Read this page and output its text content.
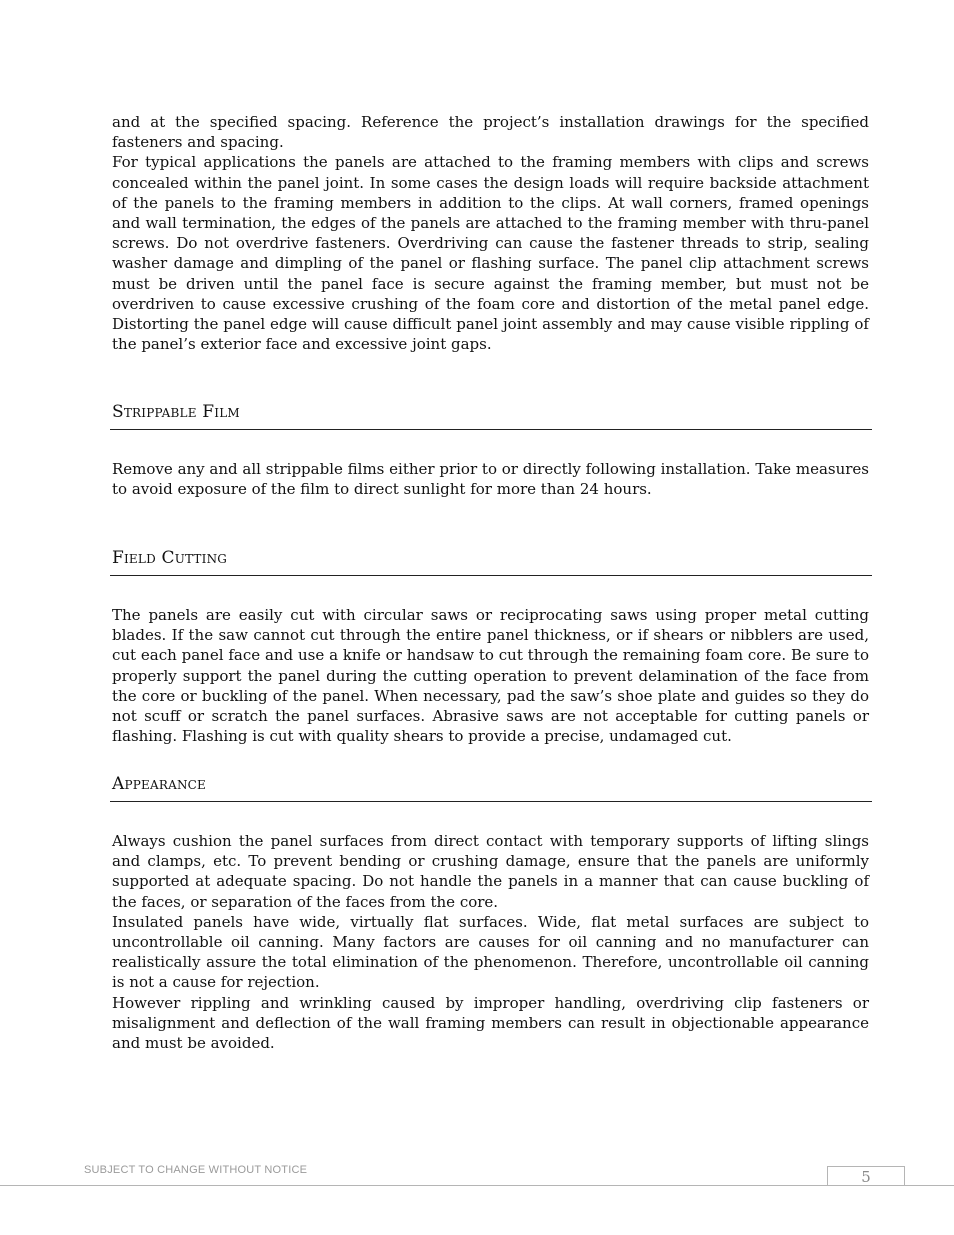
and at the specified spacing. Reference the project’s installation drawings for the specified fasteners and spacing.

For typical applications the panels are attached to the framing members with clips and screws concealed within the panel joint. In some cases the design loads will require backside attachment of the panels to the framing members in addition to the clips. At wall corners, framed openings and wall termination, the edges of the panels are attached to the framing member with thru-panel screws. Do not overdrive fasteners. Overdriving can cause the fastener threads to strip, sealing washer damage and dimpling of the panel or flashing surface. The panel clip attachment screws must be driven until the panel face is secure against the framing member, but must not be overdriven to cause excessive crushing of the foam core and distortion of the metal panel edge. Distorting the panel edge will cause difficult panel joint assembly and may cause visible rippling of the panel’s exterior face and excessive joint gaps.

Strippable Film

Remove any and all strippable films either prior to or directly following installation. Take measures to avoid exposure of the film to direct sunlight for more than 24 hours.

Field Cutting

The panels are easily cut with circular saws or reciprocating saws using proper metal cutting blades. If the saw cannot cut through the entire panel thickness, or if shears or nibblers are used, cut each panel face and use a knife or handsaw to cut through the remaining foam core. Be sure to properly support the panel during the cutting operation to prevent delamination of the face from the core or buckling of the panel. When necessary, pad the saw’s shoe plate and guides so they do not scuff or scratch the panel surfaces. Abrasive saws are not acceptable for cutting panels or flashing. Flashing is cut with quality shears to provide a precise, undamaged cut.

Appearance

Always cushion the panel surfaces from direct contact with temporary supports of lifting slings and clamps, etc. To prevent bending or crushing damage, ensure that the panels are uniformly supported at adequate spacing. Do not handle the panels in a manner that can cause buckling of the faces, or separation of the faces from the core.

Insulated panels have wide, virtually flat surfaces. Wide, flat metal surfaces are subject to uncontrollable oil canning. Many factors are causes for oil canning and no manufacturer can realistically assure the total elimination of the phenomenon. Therefore, uncontrollable oil canning is not a cause for rejection.

However rippling and wrinkling caused by improper handling, overdriving clip fasteners or misalignment and deflection of the wall framing members can result in objectionable appearance and must be avoided.

SUBJECT TO CHANGE WITHOUT NOTICE	5
